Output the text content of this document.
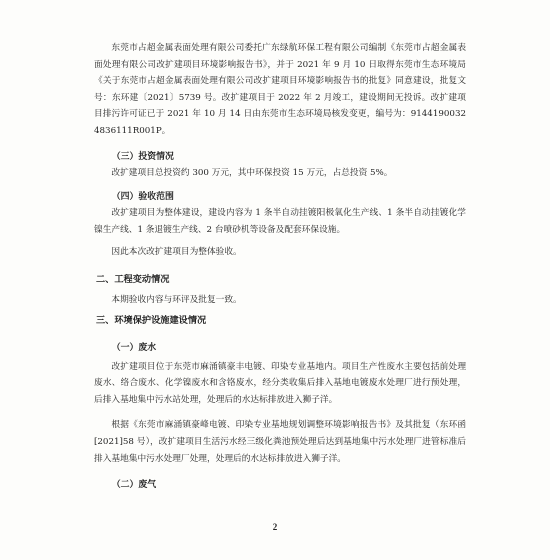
东莞市占超金属表面处理有限公司委托广东绿航环保工程有限公司编制《东莞市占超金属表面处理有限公司改扩建项目环境影响报告书》，并于 2021 年 9 月 10 日取得东莞市生态环境局《关于东莞市占超金属表面处理有限公司改扩建项目环境影响报告书的批复》同意建设，批复文号：东环建〔2021〕5739 号。改扩建项目于 2022 年 2 月竣工，建设期间无投诉。改扩建项目排污许可证已于 2021 年 10 月 14 日由东莞市生态环境局核发变更，编号为：91441900324836111R001P。

（三）投资情况

改扩建项目总投资约 300 万元，其中环保投资 15 万元，占总投资 5%。

（四）验收范围

改扩建项目为整体建设，建设内容为 1 条半自动挂镀阳极氧化生产线、1 条半自动挂镀化学镍生产线、1 条退镀生产线、2 台喷砂机等设备及配套环保设施。

因此本次改扩建项目为整体验收。

二、工程变动情况

本期验收内容与环评及批复一致。

三、环境保护设施建设情况

（一）废水

改扩建项目位于东莞市麻涌镇豪丰电镀、印染专业基地内。项目生产性废水主要包括前处理废水、络合废水、化学镍废水和含铬废水，经分类收集后排入基地电镀废水处理厂进行预处理，后排入基地集中污水站处理，处理后的水达标排放进入狮子洋。

根据《东莞市麻涌镇豪峰电镀、印染专业基地规划调整环境影响报告书》及其批复（东环函[2021]58 号），改扩建项目生活污水经三级化粪池预处理后达到基地集中污水处理厂进管标准后排入基地集中污水处理厂处理，处理后的水达标排放进入狮子洋。

（二）废气

2
